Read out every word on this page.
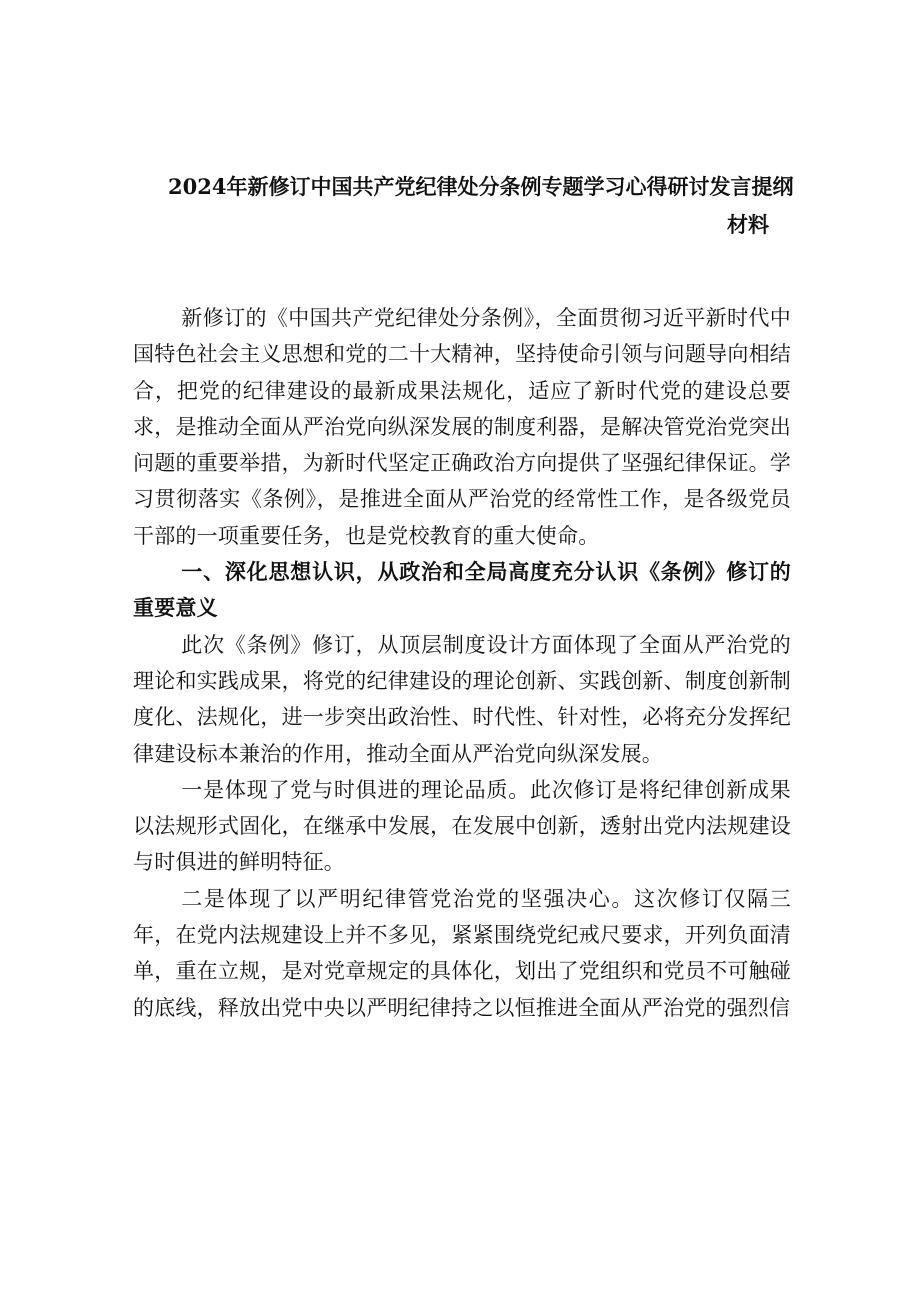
2024年新修订中国共产党纪律处分条例专题学习心得研讨发言提纲
材料

新修订的《中国共产党纪律处分条例》，全面贯彻习近平新时代中国特色社会主义思想和党的二十大精神，坚持使命引领与问题导向相结合，把党的纪律建设的最新成果法规化，适应了新时代党的建设总要求，是推动全面从严治党向纵深发展的制度利器，是解决管党治党突出问题的重要举措，为新时代坚定正确政治方向提供了坚强纪律保证。学习贯彻落实《条例》，是推进全面从严治党的经常性工作，是各级党员干部的一项重要任务，也是党校教育的重大使命。

一、深化思想认识，从政治和全局高度充分认识《条例》修订的重要意义

此次《条例》修订，从顶层制度设计方面体现了全面从严治党的理论和实践成果，将党的纪律建设的理论创新、实践创新、制度创新制度化、法规化，进一步突出政治性、时代性、针对性，必将充分发挥纪律建设标本兼治的作用，推动全面从严治党向纵深发展。

一是体现了党与时俱进的理论品质。此次修订是将纪律创新成果以法规形式固化，在继承中发展，在发展中创新，透射出党内法规建设与时俱进的鲜明特征。

二是体现了以严明纪律管党治党的坚强决心。这次修订仅隔三年，在党内法规建设上并不多见，紧紧围绕党纪戒尺要求，开列负面清单，重在立规，是对党章规定的具体化，划出了党组织和党员不可触碰的底线，释放出党中央以严明纪律持之以恒推进全面从严治党的强烈信
